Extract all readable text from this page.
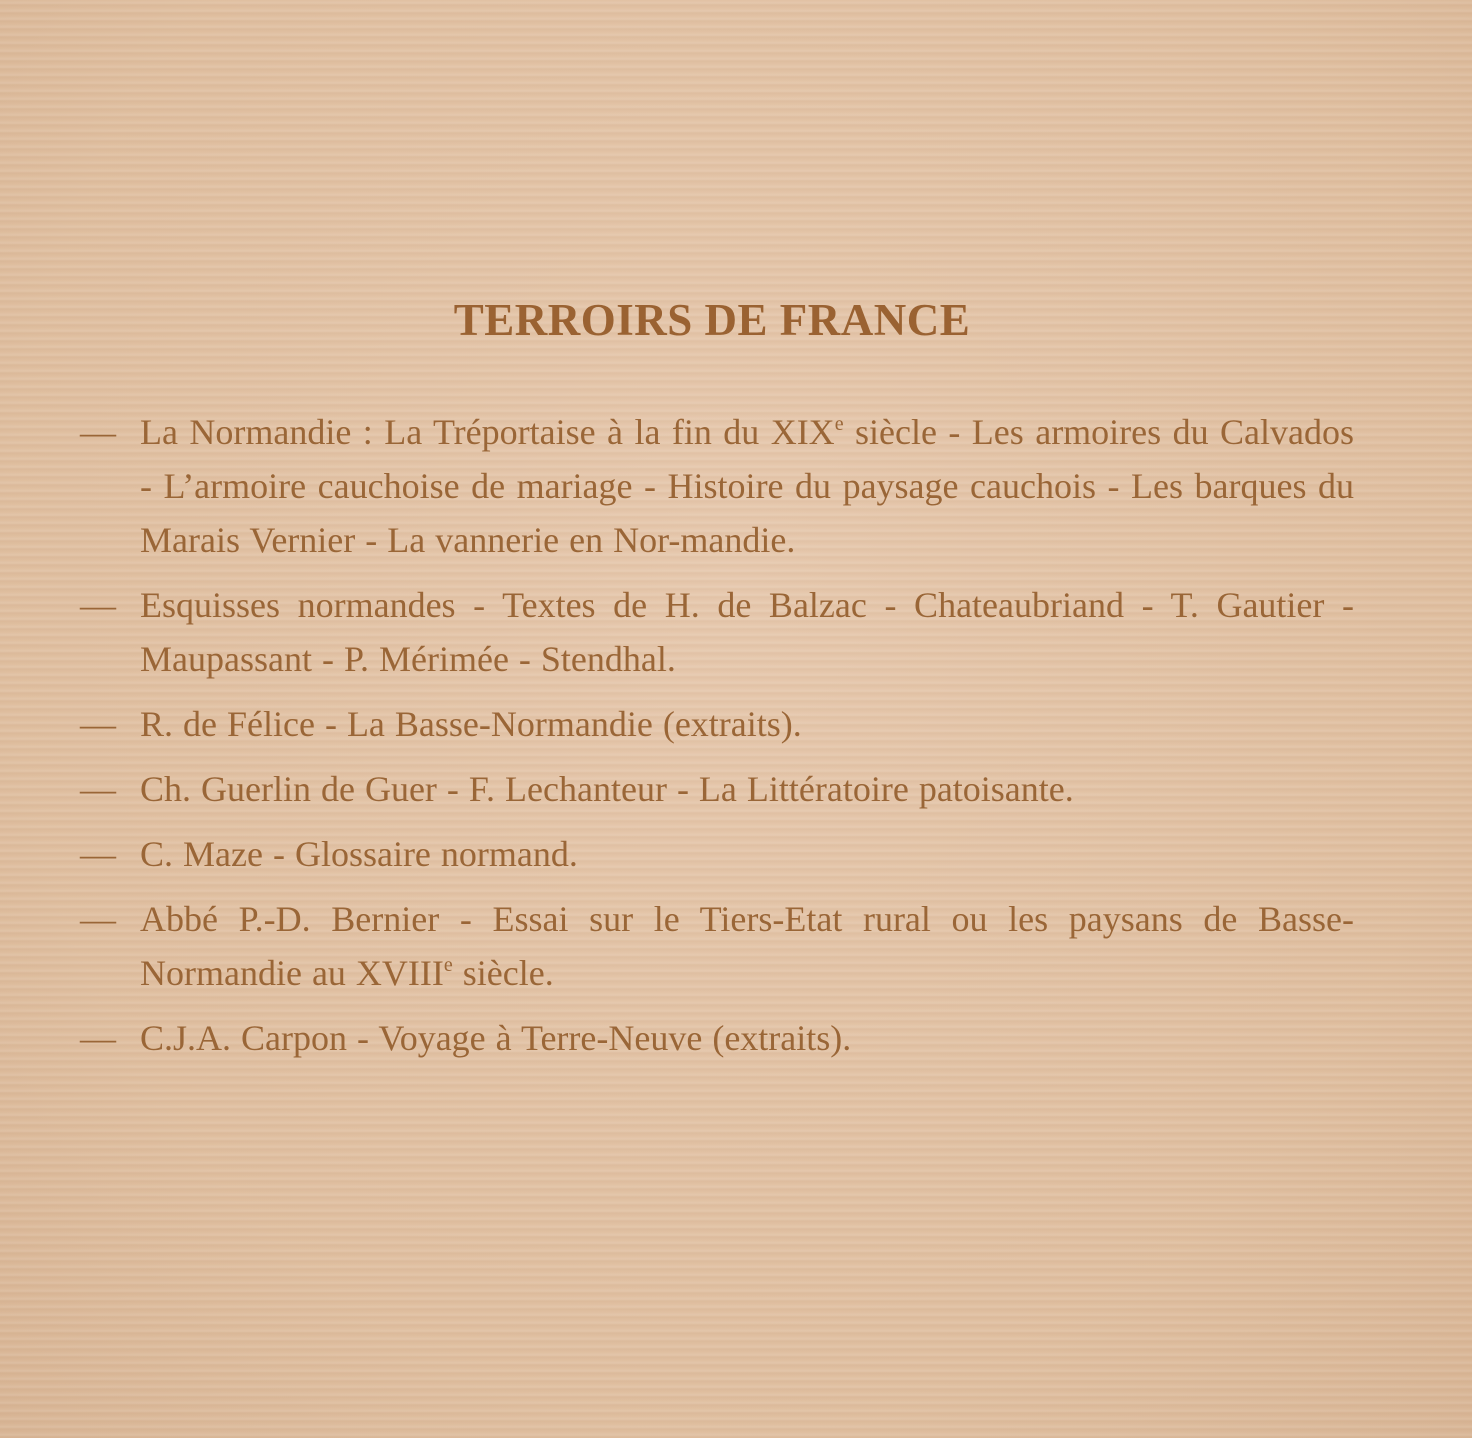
TERROIRS DE FRANCE
— La Normandie : La Tréportaise à la fin du XIXe siècle - Les armoires du Calvados - L’armoire cauchoise de mariage - Histoire du paysage cauchois - Les barques du Marais Vernier - La vannerie en Nor-mandie.
— Esquisses normandes - Textes de H. de Balzac - Chateaubriand - T. Gautier - Maupassant - P. Mérimée - Stendhal.
— R. de Félice - La Basse-Normandie (extraits).
— Ch. Guerlin de Guer - F. Lechanteur - La Littératoire patoisante.
— C. Maze - Glossaire normand.
— Abbé P.-D. Bernier - Essai sur le Tiers-Etat rural ou les paysans de Basse-Normandie au XVIIIe siècle.
— C.J.A. Carpon - Voyage à Terre-Neuve (extraits).
